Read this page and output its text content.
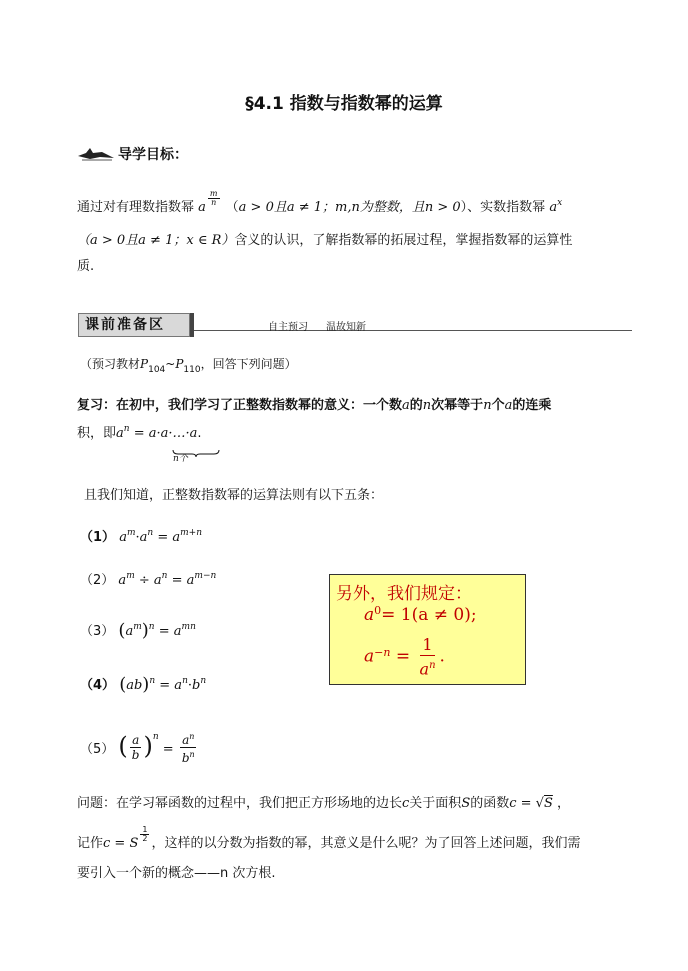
§4.1 指数与指数幂的运算
导学目标：
通过对有理数指数幂 a
$^{\frac{m}{n}}$
（a > 0且a ≠ 1；m,n为整数，且n > 0）、实数指数幂 $a^x$
（a > 0且a ≠ 1；x ∈ R）含义的认识，了解指数幂的拓展过程，掌握指数幂的运算性
质.
课前准备区	自主预习 温故知新
（预习教材$P_{104}\sim P_{110}$，回答下列问题）
复习：在初中，我们学习了正整数指数幂的意义：一个数a的n次幂等于n个a的连乘
积，即$a^n$ = a·a·…·a.
n个
且我们知道，正整数指数幂的运算法则有以下五条：
（1） $a^m\cdot a^n = a^{m+n}$
（2） $a^m \div a^n = a^{m-n}$
（3） $(a^m)^n = a^{mn}$
（4） $(ab)^n = a^n\cdot b^n$
（5） ( $\frac{a}{b} )^n = \frac{a^n}{b^n}$
另外，我们规定：
$a^0= 1(a \ne 0)$;
$a^{-n} = \frac{1}{a^n}$ .
问题：在学习幂函数的过程中，我们把正方形场地的边长c关于面积S的函数c = √S ，
记作c = S
$^{\frac{1}{2}}$
，这样的以分数为指数的幂，其意义是什么呢？为了回答上述问题，我们需
要引入一个新的概念——n 次方根.
